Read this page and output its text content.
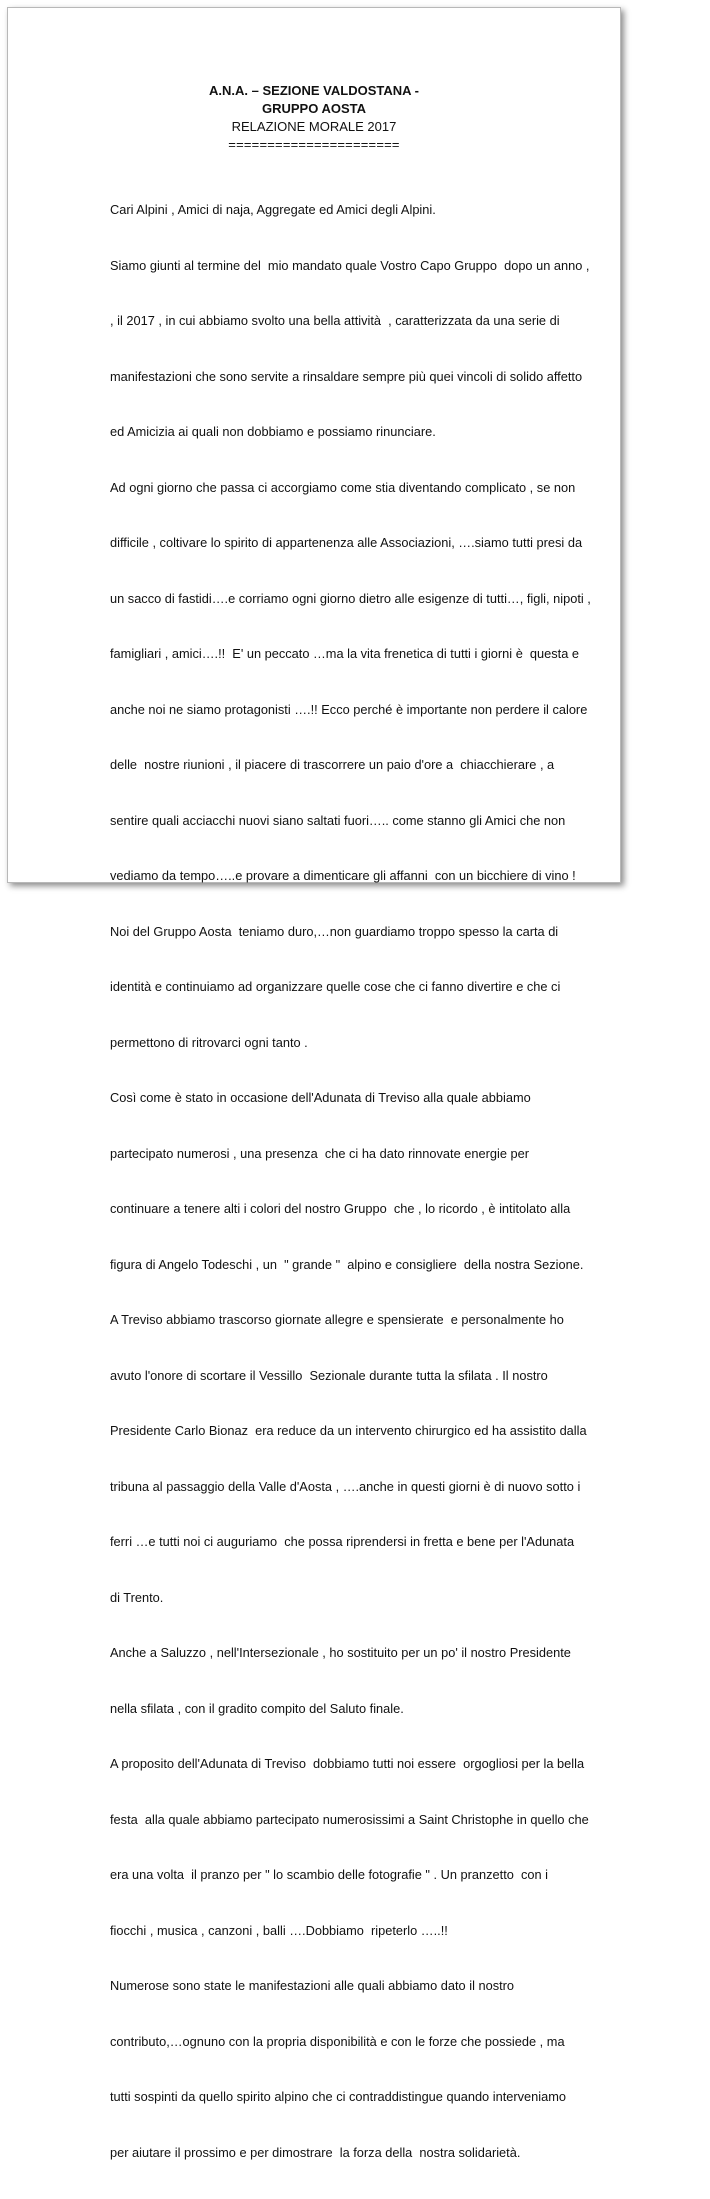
A.N.A. – SEZIONE VALDOSTANA -
GRUPPO AOSTA
RELAZIONE MORALE 2017
======================

Cari Alpini , Amici di naja, Aggregate ed Amici degli Alpini.

Siamo giunti al termine del  mio mandato quale Vostro Capo Gruppo  dopo un anno ,

, il 2017 , in cui abbiamo svolto una bella attività  , caratterizzata da una serie di

manifestazioni che sono servite a rinsaldare sempre più quei vincoli di solido affetto

ed Amicizia ai quali non dobbiamo e possiamo rinunciare.

Ad ogni giorno che passa ci accorgiamo come stia diventando complicato , se non

difficile , coltivare lo spirito di appartenenza alle Associazioni, ….siamo tutti presi da

un sacco di fastidi….e corriamo ogni giorno dietro alle esigenze di tutti…, figli, nipoti ,

famigliari , amici….!!  E' un peccato …ma la vita frenetica di tutti i giorni è  questa e

anche noi ne siamo protagonisti ….!! Ecco perché è importante non perdere il calore

delle  nostre riunioni , il piacere di trascorrere un paio d'ore a  chiacchierare , a

sentire quali acciacchi nuovi siano saltati fuori….. come stanno gli Amici che non

vediamo da tempo…..e provare a dimenticare gli affanni  con un bicchiere di vino !

Noi del Gruppo Aosta  teniamo duro,…non guardiamo troppo spesso la carta di

identità e continuiamo ad organizzare quelle cose che ci fanno divertire e che ci

permettono di ritrovarci ogni tanto .

Così come è stato in occasione dell'Adunata di Treviso alla quale abbiamo

partecipato numerosi , una presenza  che ci ha dato rinnovate energie per

continuare a tenere alti i colori del nostro Gruppo  che , lo ricordo , è intitolato alla

figura di Angelo Todeschi , un  " grande "  alpino e consigliere  della nostra Sezione.

A Treviso abbiamo trascorso giornate allegre e spensierate  e personalmente ho

avuto l'onore di scortare il Vessillo  Sezionale durante tutta la sfilata . Il nostro

Presidente Carlo Bionaz  era reduce da un intervento chirurgico ed ha assistito dalla

tribuna al passaggio della Valle d'Aosta , ….anche in questi giorni è di nuovo sotto i

ferri …e tutti noi ci auguriamo  che possa riprendersi in fretta e bene per l'Adunata

di Trento.

Anche a Saluzzo , nell'Intersezionale , ho sostituito per un po' il nostro Presidente

nella sfilata , con il gradito compito del Saluto finale.

A proposito dell'Adunata di Treviso  dobbiamo tutti noi essere  orgogliosi per la bella

festa  alla quale abbiamo partecipato numerosissimi a Saint Christophe in quello che

era una volta  il pranzo per " lo scambio delle fotografie " . Un pranzetto  con i

fiocchi , musica , canzoni , balli ….Dobbiamo  ripeterlo …..!!

Numerose sono state le manifestazioni alle quali abbiamo dato il nostro

contributo,…ognuno con la propria disponibilità e con le forze che possiede , ma

tutti sospinti da quello spirito alpino che ci contraddistingue quando interveniamo

per aiutare il prossimo e per dimostrare  la forza della  nostra solidarietà.
